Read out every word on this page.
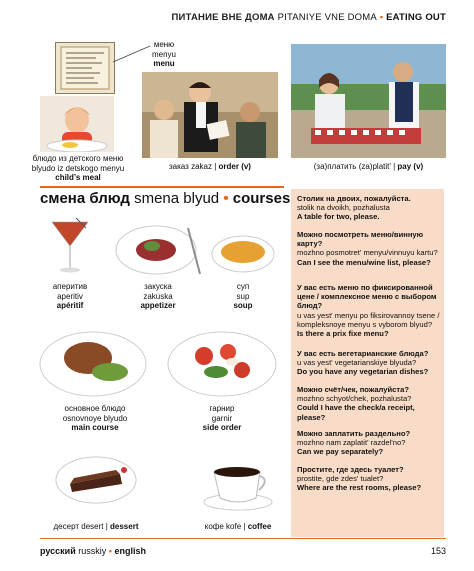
ПИТАНИЕ ВНЕ ДОМА PITANIYE VNE DOMA • EATING OUT
меню
menyu
menu
блюдо из детского меню
blyudo iz detskogo menyu
child’s meal
заказ zakaz | order (v)	(за)платить (za)platit' | pay (v)
смена блюд smena blyud • courses
аперитив
aperitiv
apéritif
закуска
zakuska
appetizer
суп
sup
soup
основное блюдо
osnovnoye blyudo
main course
гарнир
garnir
side order
десерт desert | dessert	кофе kofe | coffee
Столик на двоих, пожалуйста.
stolik na dvoikh, pozhalusta
A table for two, please.
Можно посмотреть меню/винную карту?
mozhno posmotret' menyu/vinnuyu kartu?
Can I see the menu/wine list, please?
У вас есть меню по фиксированной цене / комплексное меню с выбором блюд?
u vas yest' menyu po fiksirovannoy tsene / kompleksnoye menyu s vyborom blyud?
Is there a prix fixe menu?
У вас есть вегетарианские блюда?
u vas yest' vegetarianskiye blyuda?
Do you have any vegetarian dishes?
Можно счёт/чек, пожалуйста?
mozhno schyot/chek, pozhalusta?
Could I have the check/a receipt, please?
Можно заплатить раздельно?
mozhno nam zaplatit' razdel'no?
Can we pay separately?
Простите, где здесь туалет?
prostite, gde zdes' tualet?
Where are the rest rooms, please?
русский russkiy • english	153
